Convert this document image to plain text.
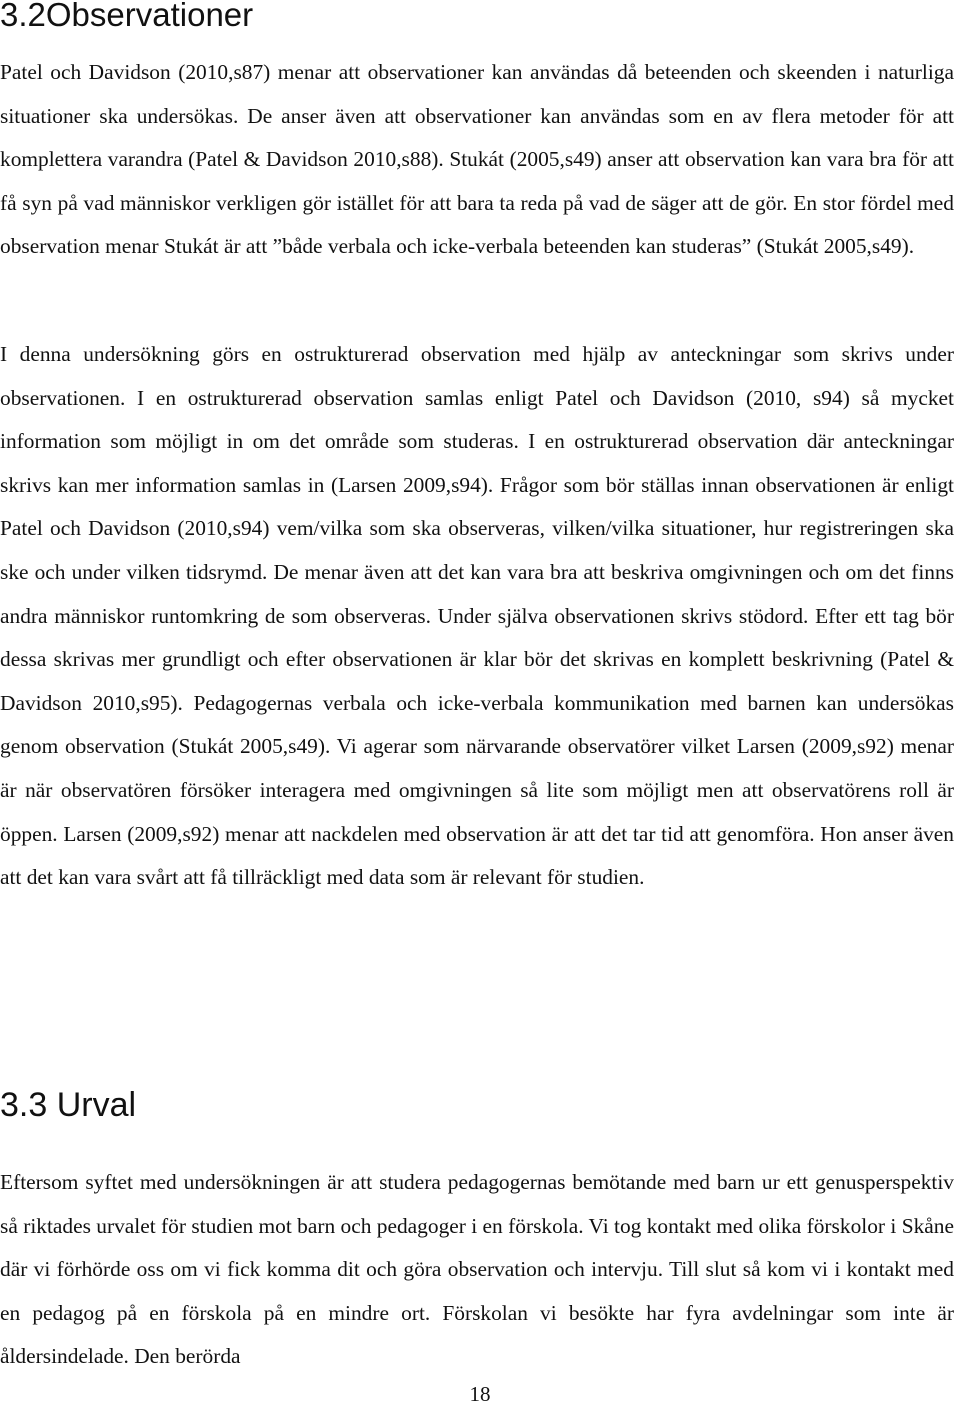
3.2Observationer

Patel och Davidson (2010,s87) menar att observationer kan användas då beteenden och skeenden i naturliga situationer ska undersökas. De anser även att observationer kan användas som en av flera metoder för att komplettera varandra (Patel & Davidson 2010,s88). Stukát (2005,s49) anser att observation kan vara bra för att få syn på vad människor verkligen gör istället för att bara ta reda på vad de säger att de gör. En stor fördel med observation menar Stukát är att ”både verbala och icke-verbala beteenden kan studeras” (Stukát 2005,s49).

I denna undersökning görs en ostrukturerad observation med hjälp av anteckningar som skrivs under observationen. I en ostrukturerad observation samlas enligt Patel och Davidson (2010, s94) så mycket information som möjligt in om det område som studeras. I en ostrukturerad observation där anteckningar skrivs kan mer information samlas in (Larsen 2009,s94). Frågor som bör ställas innan observationen är enligt Patel och Davidson (2010,s94) vem/vilka som ska observeras, vilken/vilka situationer, hur registreringen ska ske och under vilken tidsrymd. De menar även att det kan vara bra att beskriva omgivningen och om det finns andra människor runtomkring de som observeras. Under själva observationen skrivs stödord. Efter ett tag bör dessa skrivas mer grundligt och efter observationen är klar bör det skrivas en komplett beskrivning (Patel & Davidson 2010,s95). Pedagogernas verbala och icke-verbala kommunikation med barnen kan undersökas genom observation (Stukát 2005,s49). Vi agerar som närvarande observatörer vilket Larsen (2009,s92) menar är när observatören försöker interagera med omgivningen så lite som möjligt men att observatörens roll är öppen. Larsen (2009,s92) menar att nackdelen med observation är att det tar tid att genomföra. Hon anser även att det kan vara svårt att få tillräckligt med data som är relevant för studien.

3.3 Urval

Eftersom syftet med undersökningen är att studera pedagogernas bemötande med barn ur ett genusperspektiv så riktades urvalet för studien mot barn och pedagoger i en förskola. Vi tog kontakt med olika förskolor i Skåne där vi förhörde oss om vi fick komma dit och göra observation och intervju. Till slut så kom vi i kontakt med en pedagog på en förskola på en mindre ort. Förskolan vi besökte har fyra avdelningar som inte är åldersindelade. Den berörda

18
